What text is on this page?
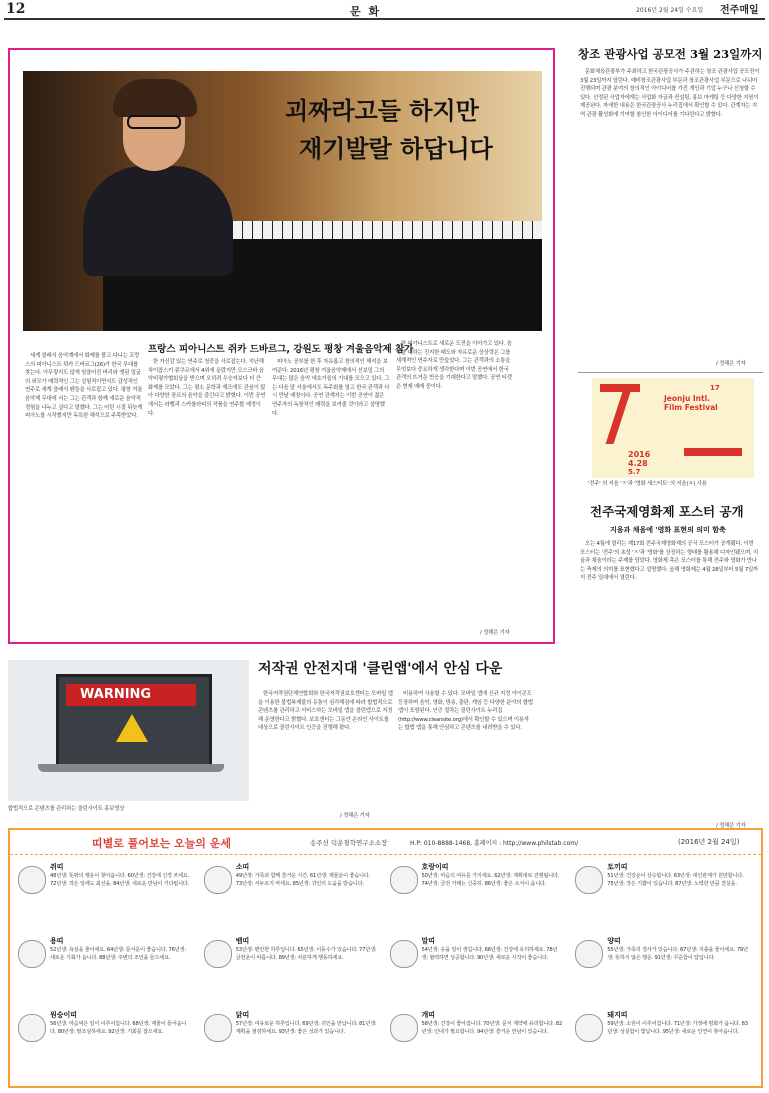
12	문 화	2016년 2월 24일 수요일 전주매일
괴짜라고들 하지만
재기발랄 하답니다
프랑스 피아니스트 쥐카 드바르그, 강원도 평창 겨울음악제 참가

세계 클래식 음악계에서 화제를 몰고 다니는 프랑스의 피아니스트 뤼카 드바르그(26)가 한국 무대를 찾는다. 아무렇지도 않게 헝클어진 머리와 앳된 얼굴의 외모가 매력적인 그는 실험적이면서도 감성적인 연주로 세계 클래식 팬들을 사로잡고 있다. 평창 겨울음악제 무대에 서는 그는 관객과 함께 새로운 음악적 경험을 나누고 싶다고 말했다. 그는 어린 시절 뒤늦게 피아노를 시작했지만 독특한 해석으로 주목받았다.

한 자신감 있는 연주로 청중을 사로잡는다. 지난해 차이콥스키 콩쿠르에서 4위에 올랐지만 모스크바 음악비평가협회상을 받으며 오히려 우승자보다 더 큰 화제를 모았다. 그는 평소 문학과 재즈에도 관심이 많아 다양한 장르의 음악을 즐긴다고 밝혔다. 이번 공연에서는 라벨과 스카를라티의 작품을 연주할 예정이다.

피아노 공부를 한 후 자유롭고 창의적인 해석을 보여준다. 2016년 평창 겨울음악제에서 선보일 그의 무대는 많은 음악 애호가들의 기대를 모으고 있다. 그는 다음 달 서울에서도 독주회를 열고 한국 관객과 다시 만날 예정이다. 공연 관계자는 이번 공연이 젊은 연주자의 독창적인 매력을 보여줄 것이라고 설명했다.

한 피아니스트로 새로운 도전을 이어가고 있다. 음악을 대하는 진지한 태도와 자유로운 상상력은 그를 세계적인 연주자로 만들었다. 그는 관객과의 소통을 무엇보다 중요하게 생각한다며 이번 공연에서 한국 관객의 뜨거운 반응을 기대한다고 말했다. 공연 티켓은 현재 예매 중이다.

/ 정해은 기자
창조 관광사업 공모전 3월 23일까지

문화체육관광부가 주최하고 한국관광공사가 주관하는 창조 관광사업 공모전이 3월 23일까지 열린다. 예비창조관광사업 부문과 창조관광사업 부문으로 나뉘어 진행되며 관광 분야의 창의적인 아이디어를 가진 개인과 기업 누구나 신청할 수 있다. 선정된 사업자에게는 사업화 자금과 컨설팅, 홍보 마케팅 등 다양한 지원이 제공된다. 자세한 내용은 한국관광공사 누리집에서 확인할 수 있다. 관계자는 지역 관광 활성화에 기여할 참신한 아이디어를 기다린다고 밝혔다.

/ 정해은 기자
17
Jeonju Intl. Film Festival
2016
4.28
5.7
'전주' 의 지음 'ㅈ'과 '영화 새스터트' 의 지음(ㅍ) 사용
전주국제영화제 포스터 공개
지움과 채움에 '영화 표현의 의미 함축

오는 4월에 열리는 제17회 전주국제영화제의 공식 포스터가 공개됐다. 이번 포스터는 '전주'의 초성 'ㅈ'과 '영화'를 상징하는 형태를 활용해 디자인됐으며, 지움과 채움이라는 주제를 담았다. 영화제 측은 포스터를 통해 전주와 영화가 만나는 축제의 의미를 표현했다고 설명했다. 올해 영화제는 4월 28일부터 5월 7일까지 전주 일대에서 열린다.

/ 정해은 기자
WARNING
합법적으로 콘텐츠를 관리하는 클린사이트 홍보영상
저작권 안전지대 '클린앱'에서 안심 다운

한국저작권단체연합회와 한국저작권보호센터는 모바일 앱을 이용한 불법복제물의 유통이 심각해짐에 따라 합법적으로 콘텐츠를 관리하고 서비스하는 모바일 앱을 클린앱으로 지정해 운영한다고 밝혔다. 보호센터는 그동안 온라인 사이트를 대상으로 클린사이트 인증을 진행해 왔다.

비용하여 사용할 수 있다. 모바일 앱에 신규 지정 아이콘도 등장하며 음악, 영화, 방송, 출판, 게임 등 다양한 분야의 합법 앱이 포함된다. 인증 절차는 클린사이트 누리집(http://www.cleansite.org)에서 확인할 수 있으며 이용자는 합법 앱을 통해 안심하고 콘텐츠를 내려받을 수 있다.

/ 정해은 기자
띠별로 풀어보는 오늘의 운세	송주선 덕운철학연구소소장	H.P: 010-8888-1468, 홈페이지 : http://www.philstab.com/	(2016년 2월 24일)
쥐띠
48년생: 뜻밖의 행운이 찾아옵니다. 60년생: 건강에 신경 쓰세요. 72년생: 작은 일에도 최선을. 84년생: 새로운 만남이 기다립니다.
소띠
49년생: 가족과 함께 즐거운 시간. 61년생: 재물운이 좋습니다. 73년생: 서두르지 마세요. 85년생: 귀인의 도움을 받습니다.
호랑이띠
50년생: 마음의 여유를 가지세요. 62년생: 계획대로 진행됩니다. 74년생: 금전 거래는 신중히. 86년생: 좋은 소식이 옵니다.
토끼띠
51년생: 건강운이 상승합니다. 63년생: 대인관계가 원만합니다. 75년생: 작은 기쁨이 있습니다. 87년생: 노력한 만큼 결실을.
용띠
52년생: 욕심을 줄이세요. 64년생: 문서운이 좋습니다. 76년생: 새로운 기회가 옵니다. 88년생: 주변의 조언을 들으세요.
뱀띠
53년생: 편안한 하루입니다. 65년생: 이동수가 있습니다. 77년생: 금전운이 따릅니다. 89년생: 차분하게 행동하세요.
말띠
54년생: 웃을 일이 생깁니다. 66년생: 건강에 유의하세요. 78년생: 협력하면 성공합니다. 90년생: 새로운 시작이 좋습니다.
양띠
55년생: 가족의 경사가 있습니다. 67년생: 지출을 줄이세요. 79년생: 뜻하지 않은 행운. 91년생: 꾸준함이 답입니다.
원숭이띠
56년생: 마음먹은 일이 이루어집니다. 68년생: 재물이 들어옵니다. 80년생: 말조심하세요. 92년생: 기회를 잡으세요.
닭띠
57년생: 여유로운 하루입니다. 69년생: 귀인을 만납니다. 81년생: 계획을 점검하세요. 93년생: 좋은 성과가 있습니다.
개띠
58년생: 건강이 좋아집니다. 70년생: 문서 계약에 유리합니다. 82년생: 인내가 필요합니다. 94년생: 즐거운 만남이 있습니다.
돼지띠
59년생: 소원이 이루어집니다. 71년생: 가정에 평화가 옵니다. 83년생: 성실함이 빛납니다. 95년생: 새로운 인연이 찾아옵니다.
